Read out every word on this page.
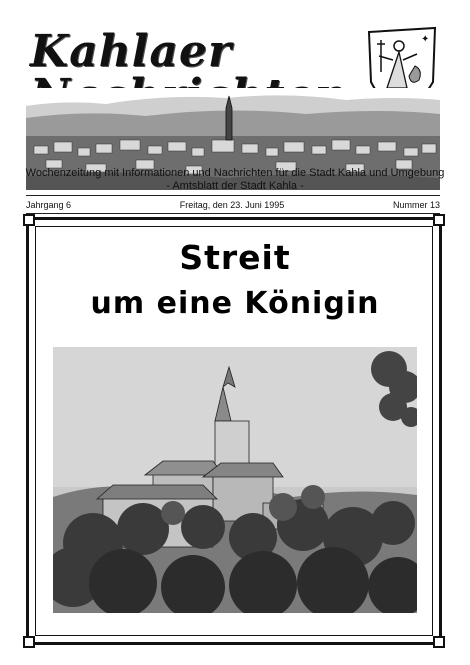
Kahlaer	✦
Wochenzeitung mit Informationen und Nachrichten für die Stadt Kahla und Umgebung
- Amtsblatt der Stadt Kahla -
Jahrgang 6	Freitag, den 23. Juni 1995	Nummer 13
Streit
um eine Königin
